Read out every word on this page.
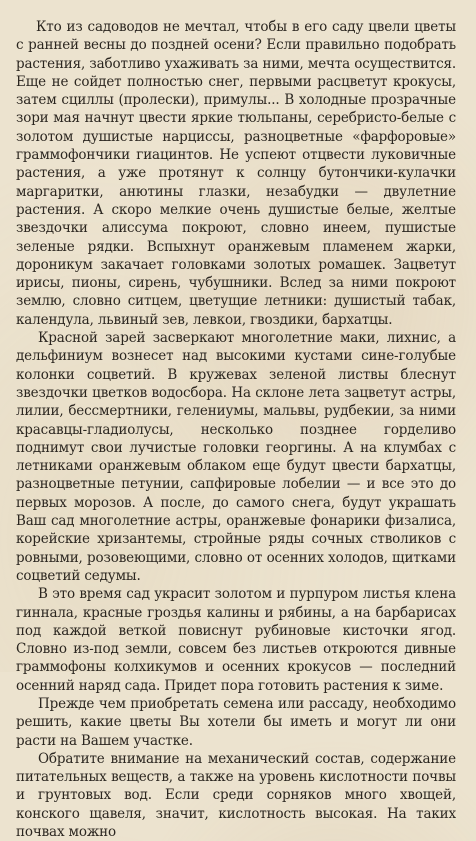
Кто из садоводов не мечтал, чтобы в его саду цвели цветы с ранней весны до поздней осени? Если правильно подобрать растения, заботливо ухаживать за ними, мечта осуществится. Еще не сойдет полностью снег, первыми расцветут крокусы, затем сциллы (пролески), примулы... В холодные прозрачные зори мая начнут цвести яркие тюльпаны, серебристо-белые с золотом душистые нарциссы, разноцветные «фарфоровые» граммофончики гиацинтов. Не успеют отцвести луковичные растения, а уже протянут к солнцу бутончики-кулачки маргаритки, анютины глазки, незабудки — двулетние растения. А скоро мелкие очень душистые белые, желтые звездочки алиссума покроют, словно инеем, пушистые зеленые рядки. Вспыхнут оранжевым пламенем жарки, дороникум закачает головками золотых ромашек. Зацветут ирисы, пионы, сирень, чубушники. Вслед за ними покроют землю, словно ситцем, цветущие летники: душистый табак, календула, львиный зев, левкои, гвоздики, бархатцы.

Красной зарей засверкают многолетние маки, лихнис, а дельфиниум вознесет над высокими кустами сине-голубые колонки соцветий. В кружевах зеленой листвы блеснут звездочки цветков водосбора. На склоне лета зацветут астры, лилии, бессмертники, гелениумы, мальвы, рудбекии, за ними красавцы-гладиолусы, несколько позднее горделиво поднимут свои лучистые головки георгины. А на клумбах с летниками оранжевым облаком еще будут цвести бархатцы, разноцветные петунии, сапфировые лобелии — и все это до первых морозов. А после, до самого снега, будут украшать Ваш сад многолетние астры, оранжевые фонарики физалиса, корейские хризантемы, стройные ряды сочных стволиков с ровными, розовеющими, словно от осенних холодов, щитками соцветий седумы.

В это время сад украсит золотом и пурпуром листья клена гиннала, красные гроздья калины и рябины, а на барбарисах под каждой веткой повиснут рубиновые кисточки ягод. Словно из-под земли, совсем без листьев откроются дивные граммофоны колхикумов и осенних крокусов — последний осенний наряд сада. Придет пора готовить растения к зиме.

Прежде чем приобретать семена или рассаду, необходимо решить, какие цветы Вы хотели бы иметь и могут ли они расти на Вашем участке.

Обратите внимание на механический состав, содержание питательных веществ, а также на уровень кислотности почвы и грунтовых вод. Если среди сорняков много хвощей, конского щавеля, значит, кислотность высокая. На таких почвах можно
